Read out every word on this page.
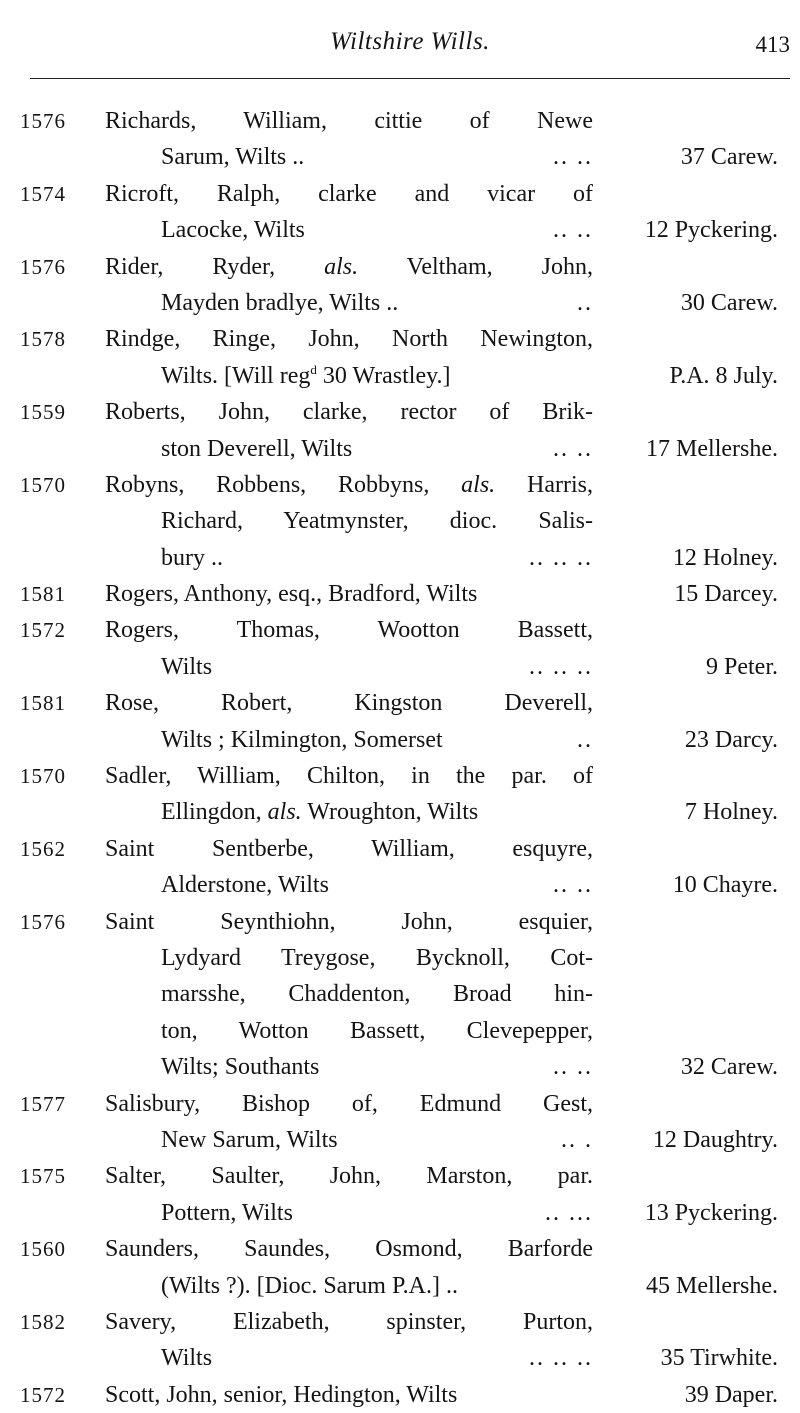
Wiltshire Wills.	413
1576	Richards, William, cittie of Newe
Sarum, Wilts ..	.. ..	37 Carew.
1574	Ricroft, Ralph, clarke and vicar of
Lacocke, Wilts	.. .. 12 Pyckering.
1576	Rider, Ryder, als. Veltham, John,
Mayden bradlye, Wilts ..	..	30 Carew.
1578	Rindge, Ringe, John, North Newington,
Wilts. [Will reg$^d$ 30 Wrastley.]	P.A. 8 July.
1559	Roberts, John, clarke, rector of Brik-
ston Deverell, Wilts	.. .. 17 Mellershe.
1570	Robyns, Robbens, Robbyns, als. Harris,
Richard, Yeatmynster, dioc. Salis-
bury ..	.. .. ..	12 Holney.
1581	Rogers, Anthony, esq., Bradford, Wilts	15 Darcey.
1572	Rogers, Thomas, Wootton Bassett,
Wilts	.. .. ..	9 Peter.
1581	Rose, Robert, Kingston Deverell,
Wilts ; Kilmington, Somerset	..	23 Darcy.
1570	Sadler, William, Chilton, in the par. of
Ellingdon, als. Wroughton, Wilts	7 Holney.
1562	Saint Sentberbe, William, esquyre,
Alderstone, Wilts	.. ..	10 Chayre.
1576	Saint Seynthiohn, John, esquier,
Lydyard Treygose, Bycknoll, Cot-
marsshe, Chaddenton, Broad hin-
ton, Wotton Bassett, Clevepepper,
Wilts; Southants	.. ..	32 Carew.
1577	Salisbury, Bishop of, Edmund Gest,
New Sarum, Wilts	.. . 12 Daughtry.
1575	Salter, Saulter, John, Marston, par.
Pottern, Wilts	.. ... 13 Pyckering.
1560	Saunders, Saundes, Osmond, Barforde
(Wilts ?). [Dioc. Sarum P.A.] ..	45 Mellershe.
1582	Savery, Elizabeth, spinster, Purton,
Wilts	.. .. ..	35 Tirwhite.
1572	Scott, John, senior, Hedington, Wilts	39 Daper.
